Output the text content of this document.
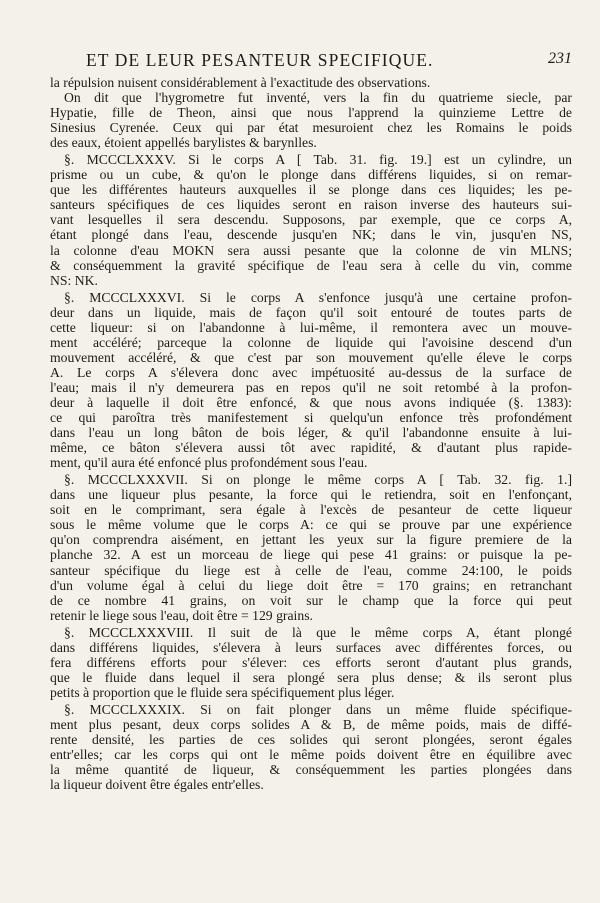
ET DE LEUR PESANTEUR SPECIFIQUE.	231
la répulsion nuisent considérablement à l'exactitude des observations.
On dit que l'hygrometre fut inventé, vers la fin du quatrieme siecle, par
Hypatie, fille de Theon, ainsi que nous l'apprend la quinzieme Lettre de
Sinesius Cyrenée. Ceux qui par état mesuroient chez les Romains le poids
des eaux, étoient appellés barylistes & barynlles.
§. MCCCLXXXV. Si le corps A [ Tab. 31. fig. 19.] est un cylindre, un
prisme ou un cube, & qu'on le plonge dans différens liquides, si on remar-
que les différentes hauteurs auxquelles il se plonge dans ces liquides; les pe-
santeurs spécifiques de ces liquides seront en raison inverse des hauteurs sui-
vant lesquelles il sera descendu. Supposons, par exemple, que ce corps A,
étant plongé dans l'eau, descende jusqu'en NK; dans le vin, jusqu'en NS,
la colonne d'eau MOKN sera aussi pesante que la colonne de vin MLNS;
& conséquemment la gravité spécifique de l'eau sera à celle du vin, comme
NS: NK.
§. MCCCLXXXVI. Si le corps A s'enfonce jusqu'à une certaine profon-
deur dans un liquide, mais de façon qu'il soit entouré de toutes parts de
cette liqueur: si on l'abandonne à lui-même, il remontera avec un mouve-
ment accéléré; parceque la colonne de liquide qui l'avoisine descend d'un
mouvement accéléré, & que c'est par son mouvement qu'elle éleve le corps
A. Le corps A s'élevera donc avec impétuosité au-dessus de la surface de
l'eau; mais il n'y demeurera pas en repos qu'il ne soit retombé à la profon-
deur à laquelle il doit être enfoncé, & que nous avons indiquée (§. 1383):
ce qui paroîtra très manifestement si quelqu'un enfonce très profondément
dans l'eau un long bâton de bois léger, & qu'il l'abandonne ensuite à lui-
même, ce bâton s'élevera aussi tôt avec rapidité, & d'autant plus rapide-
ment, qu'il aura été enfoncé plus profondément sous l'eau.
§. MCCCLXXXVII. Si on plonge le même corps A [ Tab. 32. fig. 1.]
dans une liqueur plus pesante, la force qui le retiendra, soit en l'enfonçant,
soit en le comprimant, sera égale à l'excès de pesanteur de cette liqueur
sous le même volume que le corps A: ce qui se prouve par une expérience
qu'on comprendra aisément, en jettant les yeux sur la figure premiere de la
planche 32. A est un morceau de liege qui pese 41 grains: or puisque la pe-
santeur spécifique du liege est à celle de l'eau, comme 24:100, le poids
d'un volume égal à celui du liege doit être = 170 grains; en retranchant
de ce nombre 41 grains, on voit sur le champ que la force qui peut
retenir le liege sous l'eau, doit être = 129 grains.
§. MCCCLXXXVIII. Il suit de là que le même corps A, étant plongé
dans différens liquides, s'élevera à leurs surfaces avec différentes forces, ou
fera différens efforts pour s'élever: ces efforts seront d'autant plus grands,
que le fluide dans lequel il sera plongé sera plus dense; & ils seront plus
petits à proportion que le fluide sera spécifiquement plus léger.
§. MCCCLXXXIX. Si on fait plonger dans un même fluide spécifique-
ment plus pesant, deux corps solides A & B, de même poids, mais de diffé-
rente densité, les parties de ces solides qui seront plongées, seront égales
entr'elles; car les corps qui ont le même poids doivent être en équilibre avec
la même quantité de liqueur, & conséquemment les parties plongées dans
la liqueur doivent être égales entr'elles.
